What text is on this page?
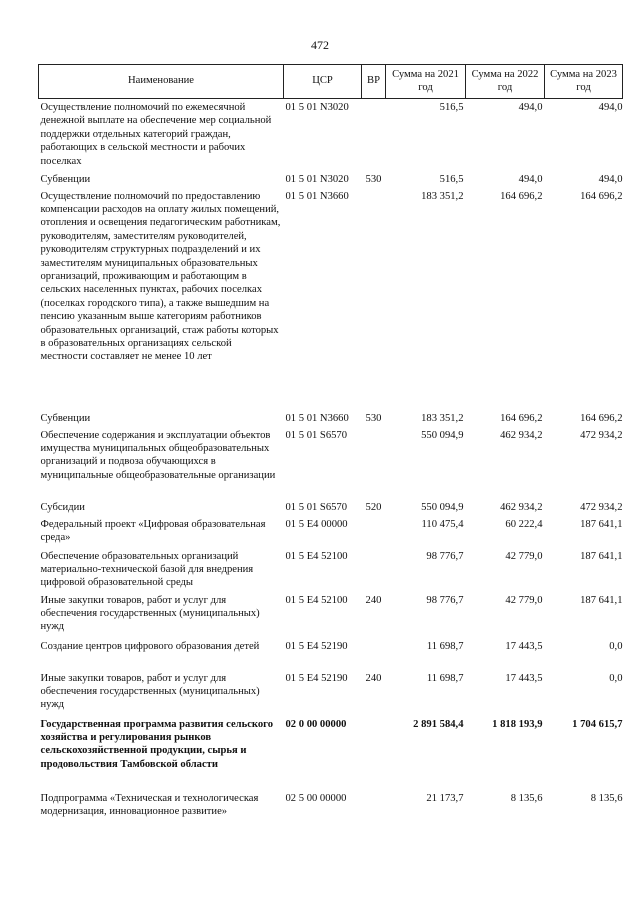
472
Наименование	ЦСР	ВР	Сумма на 2021 год	Сумма на 2022 год	Сумма на 2023 год
Осуществление полномочий по ежемесячной денежной выплате на обеспечение мер социальной поддержки отдельных категорий граждан, работающих в сельской местности и рабочих поселках	01 5 01 N3020		516,5	494,0	494,0
Субвенции	01 5 01 N3020	530	516,5	494,0	494,0
Осуществление полномочий по предоставлению компенсации расходов на оплату жилых помещений, отопления и освещения педагогическим работникам, руководителям, заместителям руководителей, руководителям структурных подразделений и их заместителям муниципальных образовательных организаций, проживающим и работающим в сельских населенных пунктах, рабочих поселках (поселках городского типа), а также вышедшим на пенсию указанным выше категориям работников образовательных организаций, стаж работы которых в образовательных организациях сельской местности составляет не менее 10 лет	01 5 01 N3660		183 351,2	164 696,2	164 696,2
Субвенции	01 5 01 N3660	530	183 351,2	164 696,2	164 696,2
Обеспечение содержания и эксплуатации объектов имущества муниципальных общеобразовательных организаций и подвоза обучающихся в муниципальные общеобразовательные организации	01 5 01 S6570		550 094,9	462 934,2	472 934,2
Субсидии	01 5 01 S6570	520	550 094,9	462 934,2	472 934,2
Федеральный проект «Цифровая образовательная среда»	01 5 E4 00000		110 475,4	60 222,4	187 641,1
Обеспечение образовательных организаций материально-технической базой для внедрения цифровой образовательной среды	01 5 E4 52100		98 776,7	42 779,0	187 641,1
Иные закупки товаров, работ и услуг для обеспечения государственных (муниципальных) нужд	01 5 E4 52100	240	98 776,7	42 779,0	187 641,1
Создание центров цифрового образования детей	01 5 E4 52190		11 698,7	17 443,5	0,0
Иные закупки товаров, работ и услуг для обеспечения государственных (муниципальных) нужд	01 5 E4 52190	240	11 698,7	17 443,5	0,0
Государственная программа развития сельского хозяйства и регулирования рынков сельскохозяйственной продукции, сырья и продовольствия Тамбовской области	02 0 00 00000		2 891 584,4	1 818 193,9	1 704 615,7
Подпрограмма «Техническая и технологическая модернизация, инновационное развитие»	02 5 00 00000		21 173,7	8 135,6	8 135,6
